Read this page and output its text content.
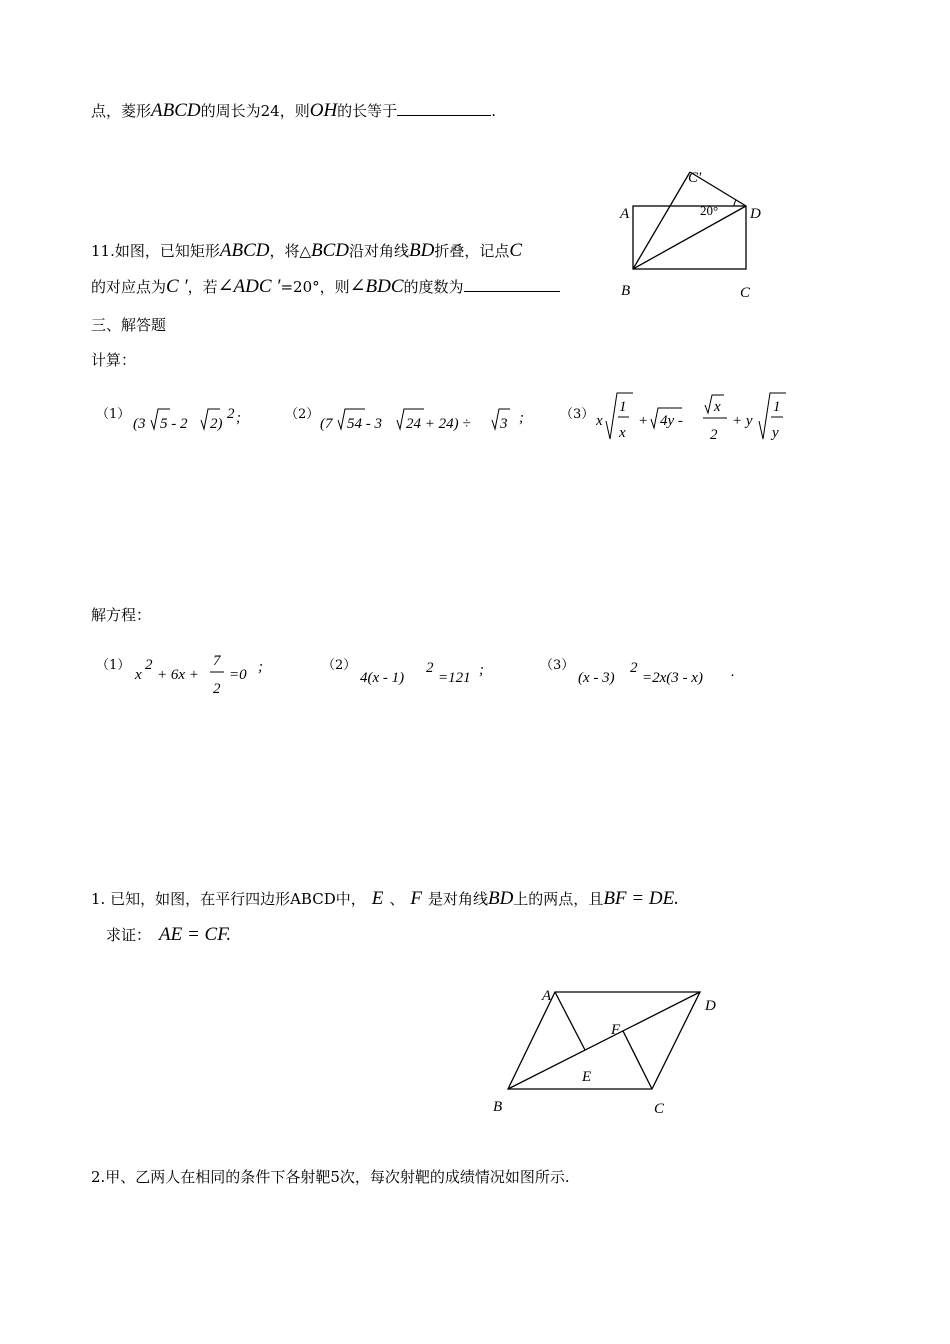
点，菱形ABCD的周长为24，则OH的长等于	.
11.如图，已知矩形ABCD，将△BCD沿对角线BD折叠，记点C
的对应点为C ′，若∠ADC ′=20°，则∠BDC的度数为
A	D
B	C
C′
20°
三、解答题
计算：
（1）
(3 5 - 2 2)
2 ;	（2）
(7 54 - 3 24 + 24) ÷ 3 ;	（3） x
1
x
+ 4y -
x
2
+ y
1
y
解方程：
（1）
x
2
+ 6x +
7
2
=0 ;	（2）
4(x - 1)
2
=121 ;	（3）
(x - 3)
2
=2x(3 - x) .
1. 已知，如图，在平行四边形ABCD中， E 、 F 是对角线BD上的两点，且BF = DE.
求证： AE = CF.
A
D
B	C
E
F
2.甲、乙两人在相同的条件下各射靶5次，每次射靶的成绩情况如图所示.
